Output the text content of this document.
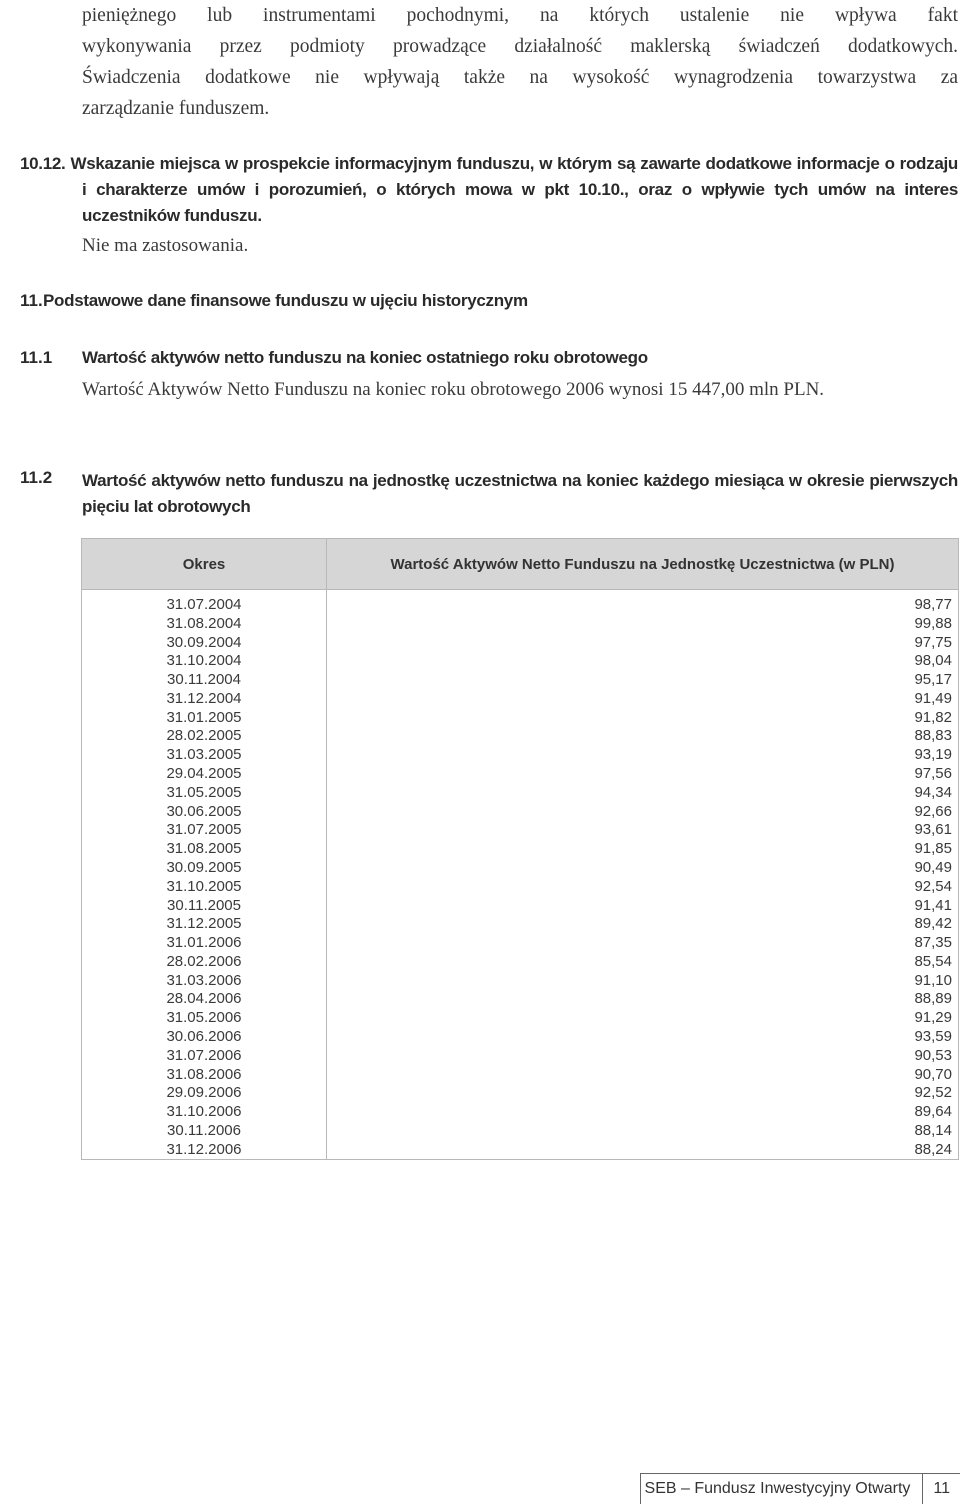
pieniężnego lub instrumentami pochodnymi, na których ustalenie nie wpływa fakt
wykonywania przez podmioty prowadzące działalność maklerską świadczeń dodatkowych.
Świadczenia dodatkowe nie wpływają także na wysokość wynagrodzenia towarzystwa za
zarządzanie funduszem.
10.12. Wskazanie miejsca w prospekcie informacyjnym funduszu, w którym są zawarte dodatkowe informacje o rodzaju i charakterze umów i porozumień, o których mowa w pkt 10.10., oraz o wpływie tych umów na interes uczestników funduszu.
Nie ma zastosowania.
11. Podstawowe dane finansowe funduszu w ujęciu historycznym
11.1 Wartość aktywów netto funduszu na koniec ostatniego roku obrotowego
Wartość Aktywów Netto Funduszu na koniec roku obrotowego 2006 wynosi 15 447,00 mln PLN.
11.2 Wartość aktywów netto funduszu na jednostkę uczestnictwa na koniec każdego miesiąca w okresie pierwszych pięciu lat obrotowych
Okres	Wartość Aktywów Netto Funduszu na Jednostkę Uczestnictwa (w PLN)

31.07.2004	98,77
31.08.2004	99,88
30.09.2004	97,75
31.10.2004	98,04
30.11.2004	95,17
31.12.2004	91,49
31.01.2005	91,82
28.02.2005	88,83
31.03.2005	93,19
29.04.2005	97,56
31.05.2005	94,34
30.06.2005	92,66
31.07.2005	93,61
31.08.2005	91,85
30.09.2005	90,49
31.10.2005	92,54
30.11.2005	91,41
31.12.2005	89,42
31.01.2006	87,35
28.02.2006	85,54
31.03.2006	91,10
28.04.2006	88,89
31.05.2006	91,29
30.06.2006	93,59
31.07.2006	90,53
31.08.2006	90,70
29.09.2006	92,52
31.10.2006	89,64
30.11.2006	88,14
31.12.2006	88,24
SEB – Fundusz Inwestycyjny Otwarty	11
